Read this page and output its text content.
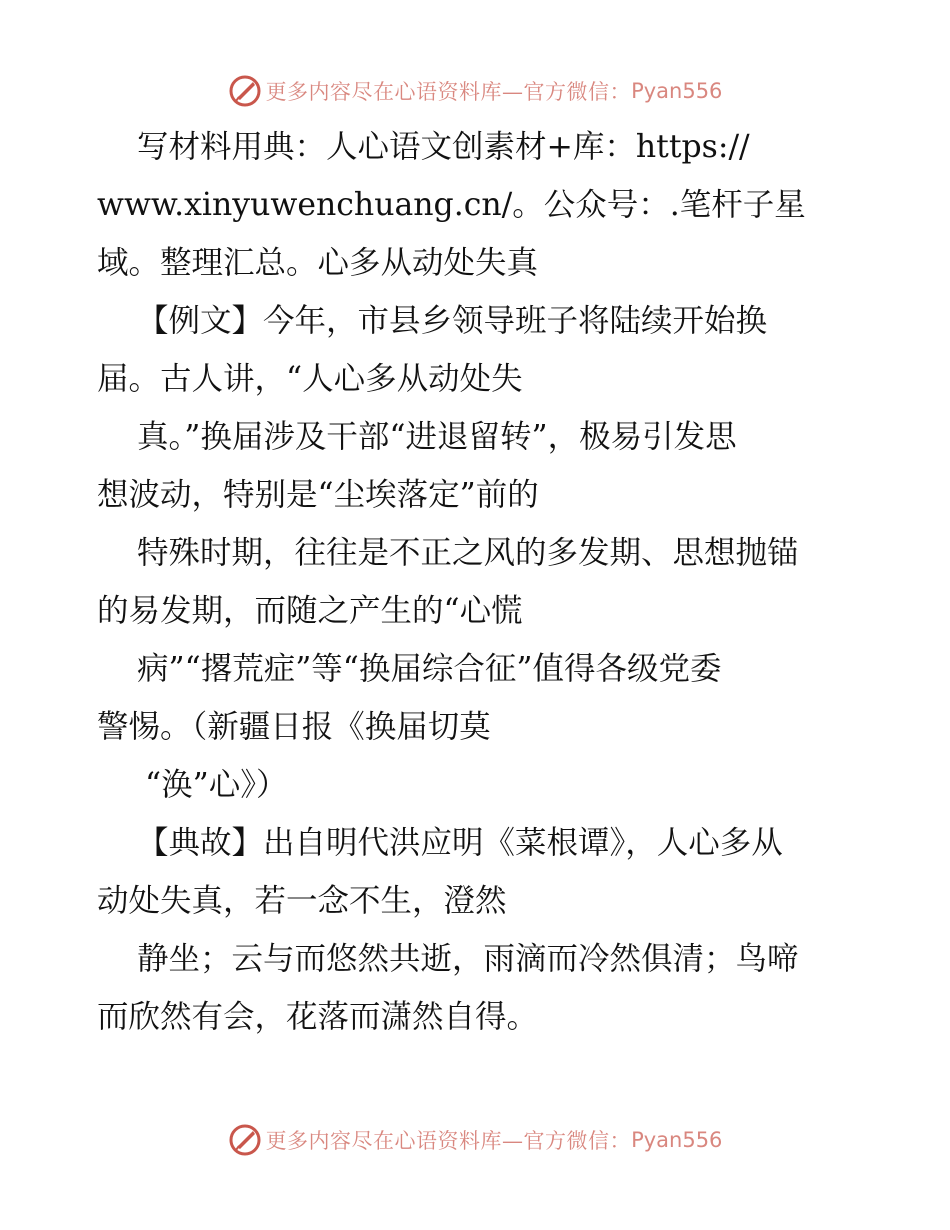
更多内容尽在心语资料库—官方微信： Pyan556
写材料用典：人心语文创素材+库：https://
www.xinyuwenchuang.cn/。公众号：.笔杆子星
域。整理汇总。心多从动处失真
【例文】今年，市县乡领导班子将陆续开始换
届。古人讲，“人心多从动处失
真。”换届涉及干部“进退留转”，极易引发思
想波动，特别是“尘埃落定”前的
特殊时期，往往是不正之风的多发期、思想抛锚
的易发期，而随之产生的“心慌
病”“撂荒症”等“换届综合征”值得各级党委
警惕。（新疆日报《换届切莫
“涣”心》）
【典故】出自明代洪应明《菜根谭》，人心多从
动处失真，若一念不生，澄然
静坐；云与而悠然共逝，雨滴而冷然俱清；鸟啼
而欣然有会，花落而潇然自得。
更多内容尽在心语资料库—官方微信： Pyan556
